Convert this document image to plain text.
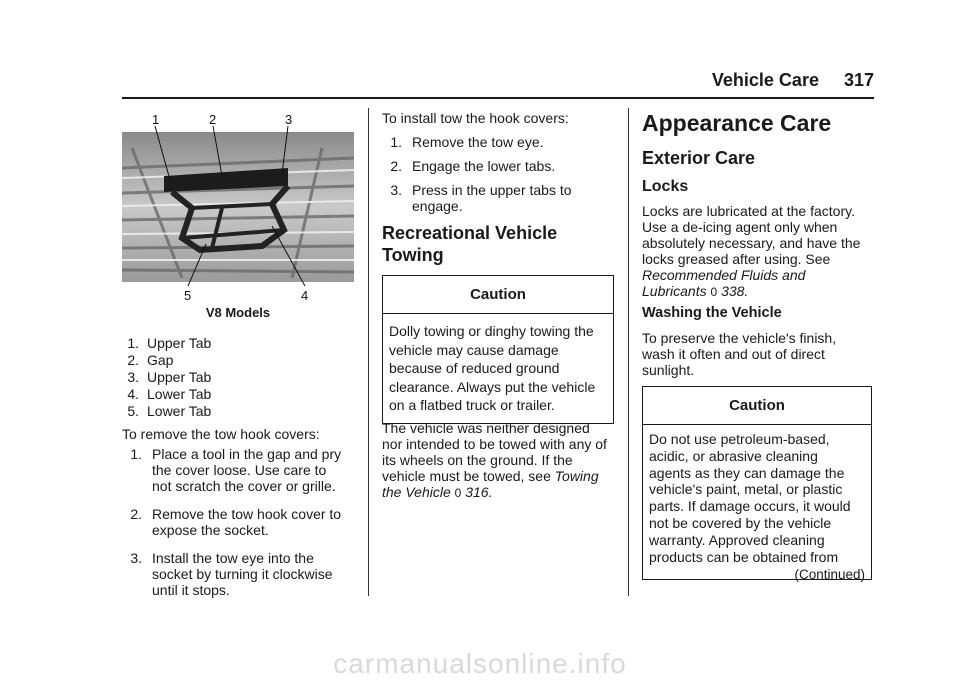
Vehicle Care     317
1	2	3
4
5
V8 Models
1. Upper Tab
2. Gap
3. Upper Tab
4. Lower Tab
5. Lower Tab
To remove the tow hook covers:
1. Place a tool in the gap and pry
the cover loose. Use care to
not scratch the cover or grille.
2. Remove the tow hook cover to
expose the socket.
3. Install the tow eye into the
socket by turning it clockwise
until it stops.
To install tow the hook covers:
1. Remove the tow eye.
2. Engage the lower tabs.
3. Press in the upper tabs to
engage.
Recreational Vehicle
Towing
Caution
Dolly towing or dinghy towing the
vehicle may cause damage
because of reduced ground
clearance. Always put the vehicle
on a flatbed truck or trailer.
The vehicle was neither designed
nor intended to be towed with any of
its wheels on the ground. If the
vehicle must be towed, see Towing
the Vehicle 0 316.
Appearance Care
Exterior Care
Locks
Locks are lubricated at the factory.
Use a de-icing agent only when
absolutely necessary, and have the
locks greased after using. See
Recommended Fluids and
Lubricants 0 338.
Washing the Vehicle
To preserve the vehicle's finish,
wash it often and out of direct
sunlight.
Caution
Do not use petroleum-based,
acidic, or abrasive cleaning
agents as they can damage the
vehicle's paint, metal, or plastic
parts. If damage occurs, it would
not be covered by the vehicle
warranty. Approved cleaning
products can be obtained from
(Continued)
carmanualsonline.info
